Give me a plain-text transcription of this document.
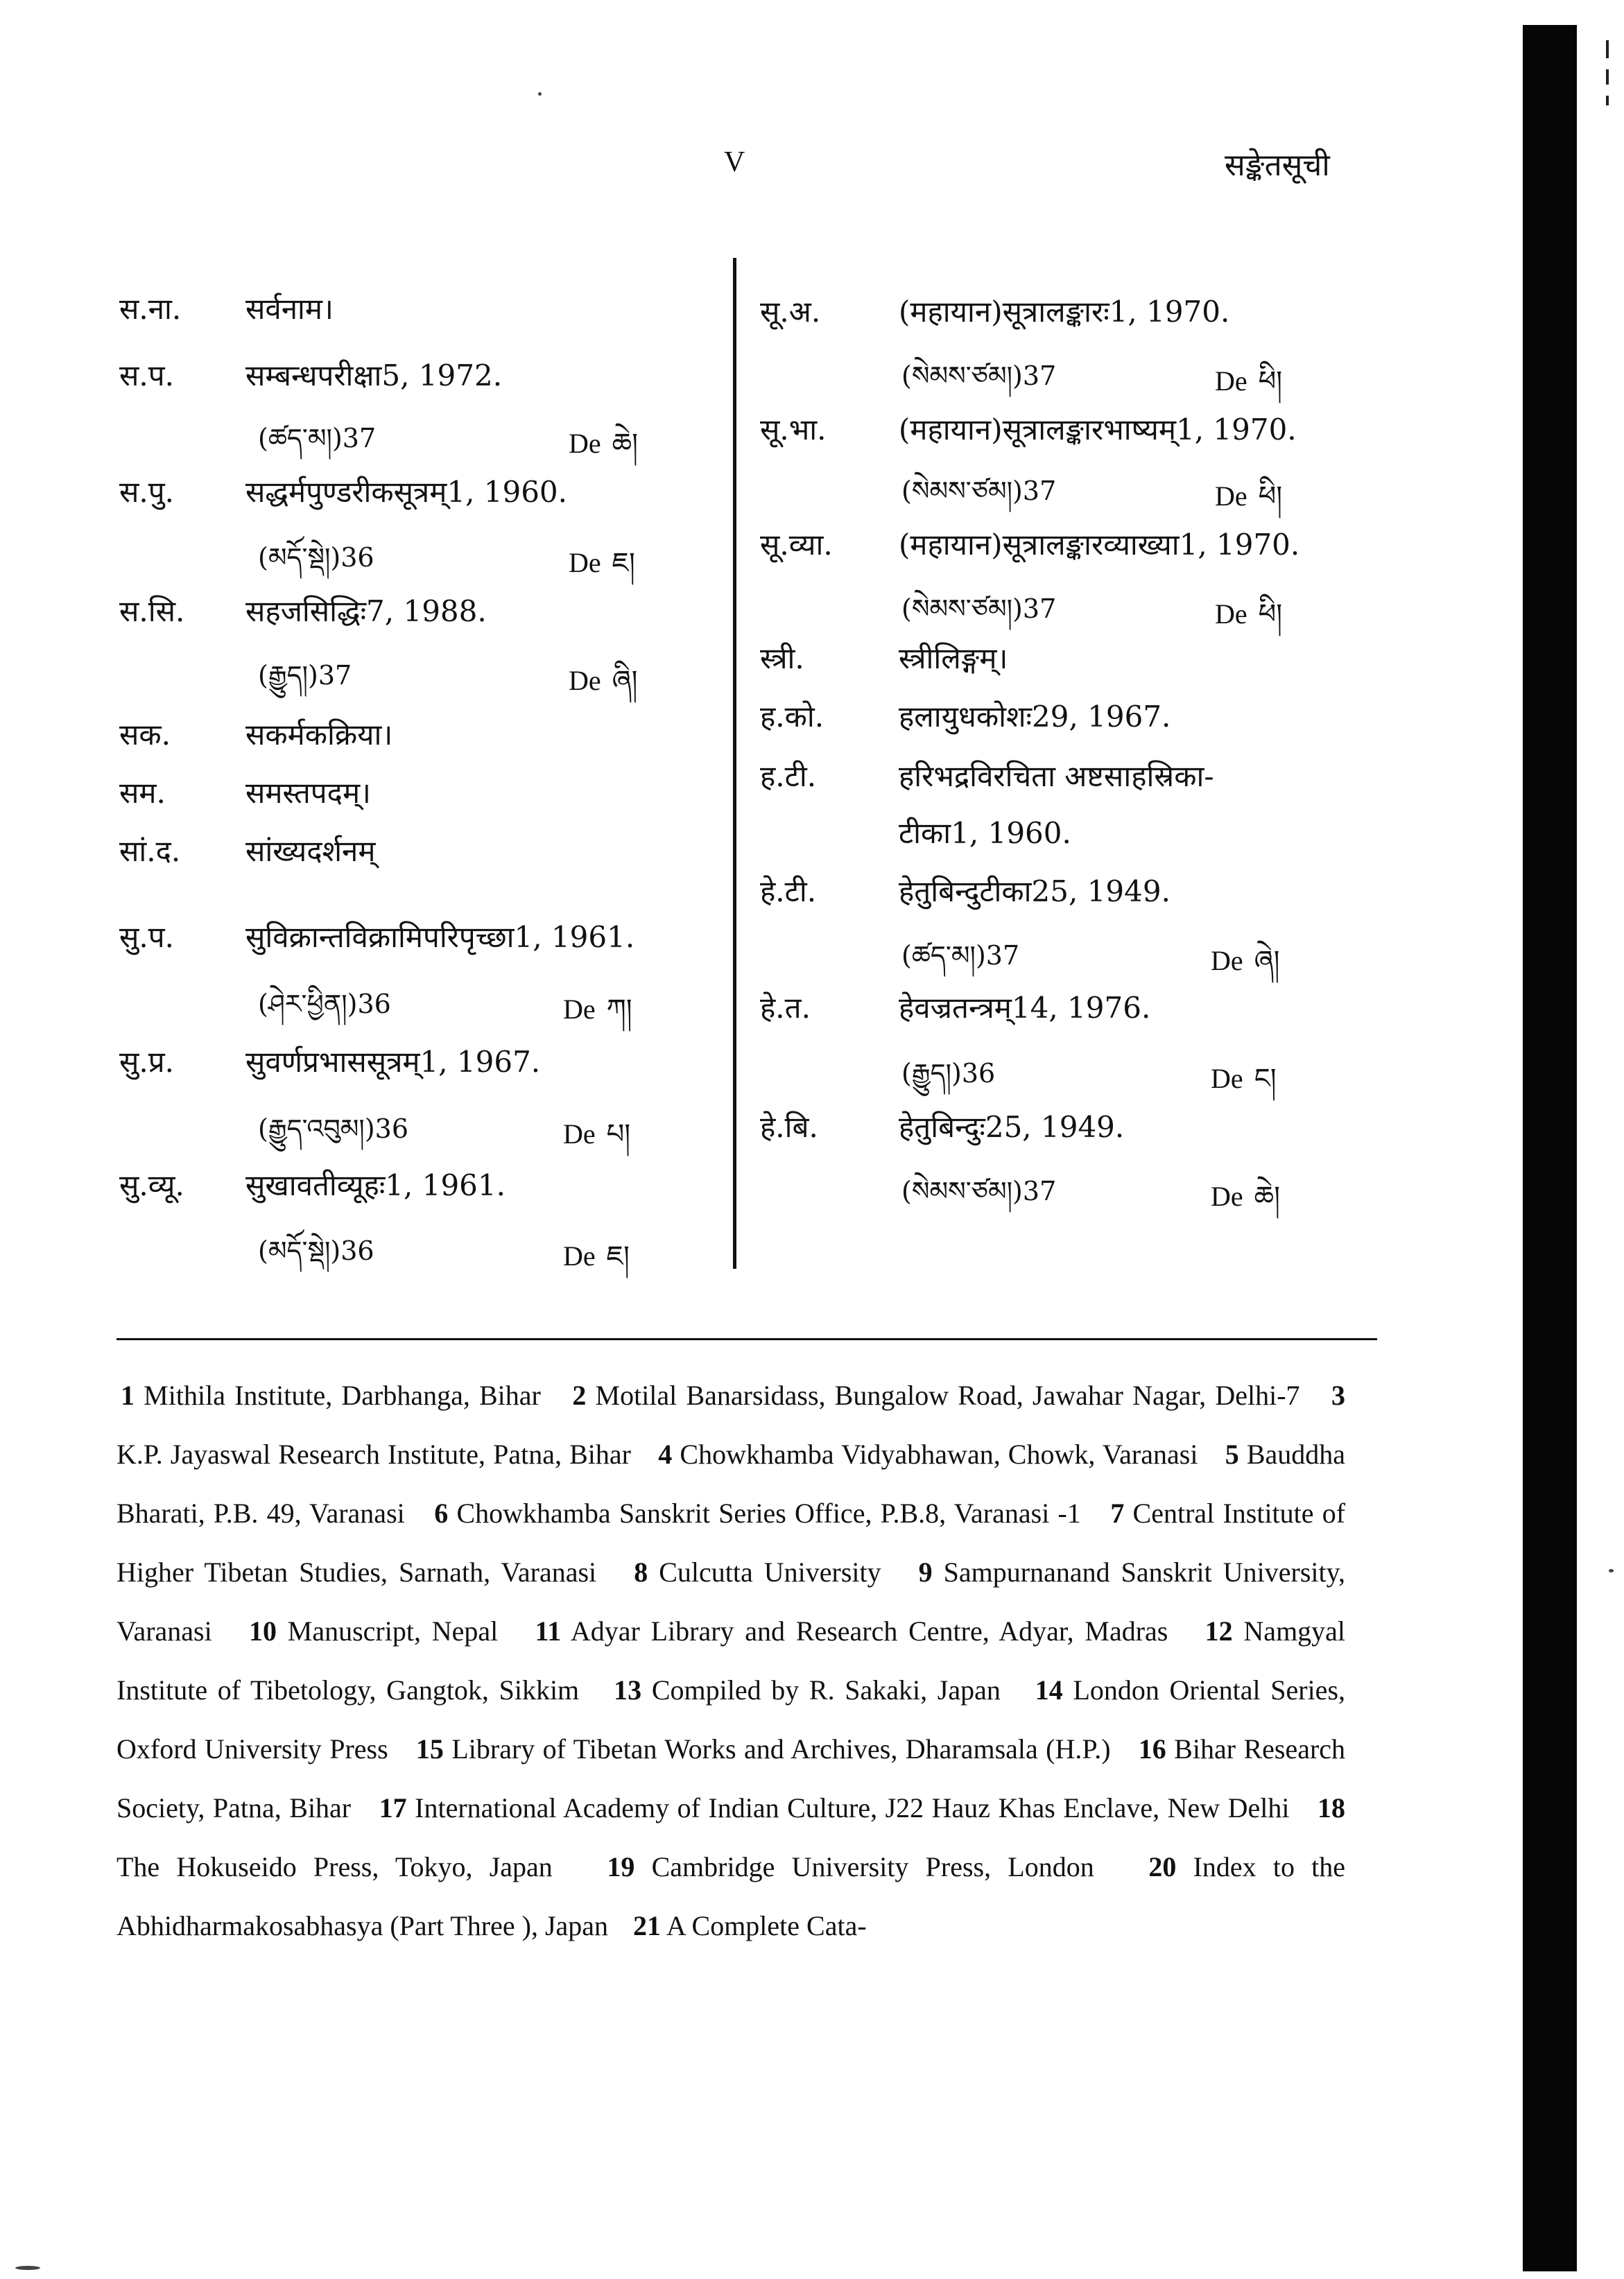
V	सङ्केतसूची
स.ना. सर्वनाम।
स.प. सम्बन्धपरीक्षा5, 1972.
(ཚད་མ།)37	De ཆེ།
स.पु. सद्धर्मपुण्डरीकसूत्रम्1, 1960.
(མདོ་སྡེ།)36	De ཇ།
स.सि. सहजसिद्धिः7, 1988.
(རྒྱུད།)37	De ཞི།
सक.	सकर्मकक्रिया।
सम.	समस्तपदम्।
सां.द. सांख्यदर्शनम्
सु.प. सुविक्रान्तविक्रामिपरिपृच्छा1, 1961.
(ཤེར་ཕྱིན།)36	De ཀ།
सु.प्र. सुवर्णप्रभाससूत्रम्1, 1967.
(རྒྱུད་འབུམ།)36	De པ།
सु.व्यू. सुखावतीव्यूहः1, 1961.
(མདོ་སྡེ།)36	De ཇ།
सू.अ.	(महायान)सूत्रालङ्कारः1, 1970.
(སེམས་ཙམ།)37	De ཕི།
सू.भा. (महायान)सूत्रालङ्कारभाष्यम्1, 1970.
(སེམས་ཙམ།)37	De ཕི།
सू.व्या. (महायान)सूत्रालङ्कारव्याख्या1, 1970.
(སེམས་ཙམ།)37	De ཕི།
स्त्री.	स्त्रीलिङ्गम्।
ह.को.	हलायुधकोशः29, 1967.
ह.टी.	हरिभद्रविरचिता अष्टसाहस्रिका-
टीका1, 1960.
हे.टी.	हेतुबिन्दुटीका25, 1949.
(ཚད་མ།)37	De ཞེ།
हे.त.	हेवज्रतन्त्रम्14, 1976.
(རྒྱུད།)36	De ང།
हे.बि.	हेतुबिन्दुः25, 1949.
(སེམས་ཙམ།)37	De ཆེ།
1 Mithila Institute, Darbhanga, Bihar 2 Motilal Banarsidass, Bungalow Road, Jawahar Nagar, Delhi-7 3 K.P. Jayaswal Research Institute, Patna, Bihar 4 Chowkhamba Vidyabhawan, Chowk, Varanasi 5 Bauddha Bharati, P.B. 49, Varanasi 6 Chowkhamba Sanskrit Series Office, P.B.8, Varanasi -1 7 Central Institute of Higher Tibetan Studies, Sarnath, Varanasi 8 Culcutta University 9 Sampurnanand Sanskrit University, Varanasi 10 Manuscript, Nepal 11 Adyar Library and Research Centre, Adyar, Madras 12 Namgyal Institute of Tibetology, Gangtok, Sikkim 13 Compiled by R. Sakaki, Japan 14 London Oriental Series, Oxford University Press 15 Library of Tibetan Works and Archives, Dharamsala (H.P.) 16 Bihar Research Society, Patna, Bihar 17 International Academy of Indian Culture, J22 Hauz Khas Enclave, New Delhi 18 The Hokuseido Press, Tokyo, Japan 19 Cambridge University Press, London 20 Index to the Abhidharmakosabhasya (Part Three ), Japan 21 A Complete Cata-
